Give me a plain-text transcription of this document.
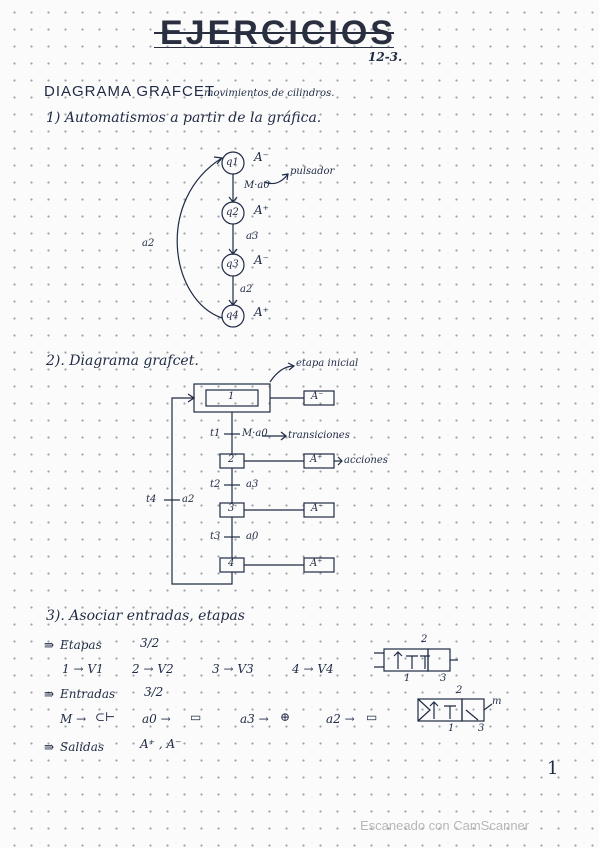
EJERCICIOS
12-3.
DIAGRAMA GRAFCET
movimientos de cilindros.
1) Automatismos a partir de la gráfica.
q1
q2
q3
q4
A⁻
A⁺
A⁻
A⁺
M·a0
a3
a2
a2
pulsador
2). Diagrama grafcet.	etapa inicial
1
2
3
4
A⁻
A⁺
A⁻
A⁺
t1
t2
t3
t4
M·a0
a3
a0
a2
transiciones
acciones
3). Asociar entradas, etapas
⇛ Etapas	3/2
1 → V1 2 → V2	3 → V3	4 → V4
⇛ Entradas 3/2
M → ⊂⊢ a0 → ▭	a3 → ⊕	a2 → ▭
⇛ Salidas	A⁺ , A⁻
2
1	3
2
1 3
m
1
Escaneado con CamScanner
